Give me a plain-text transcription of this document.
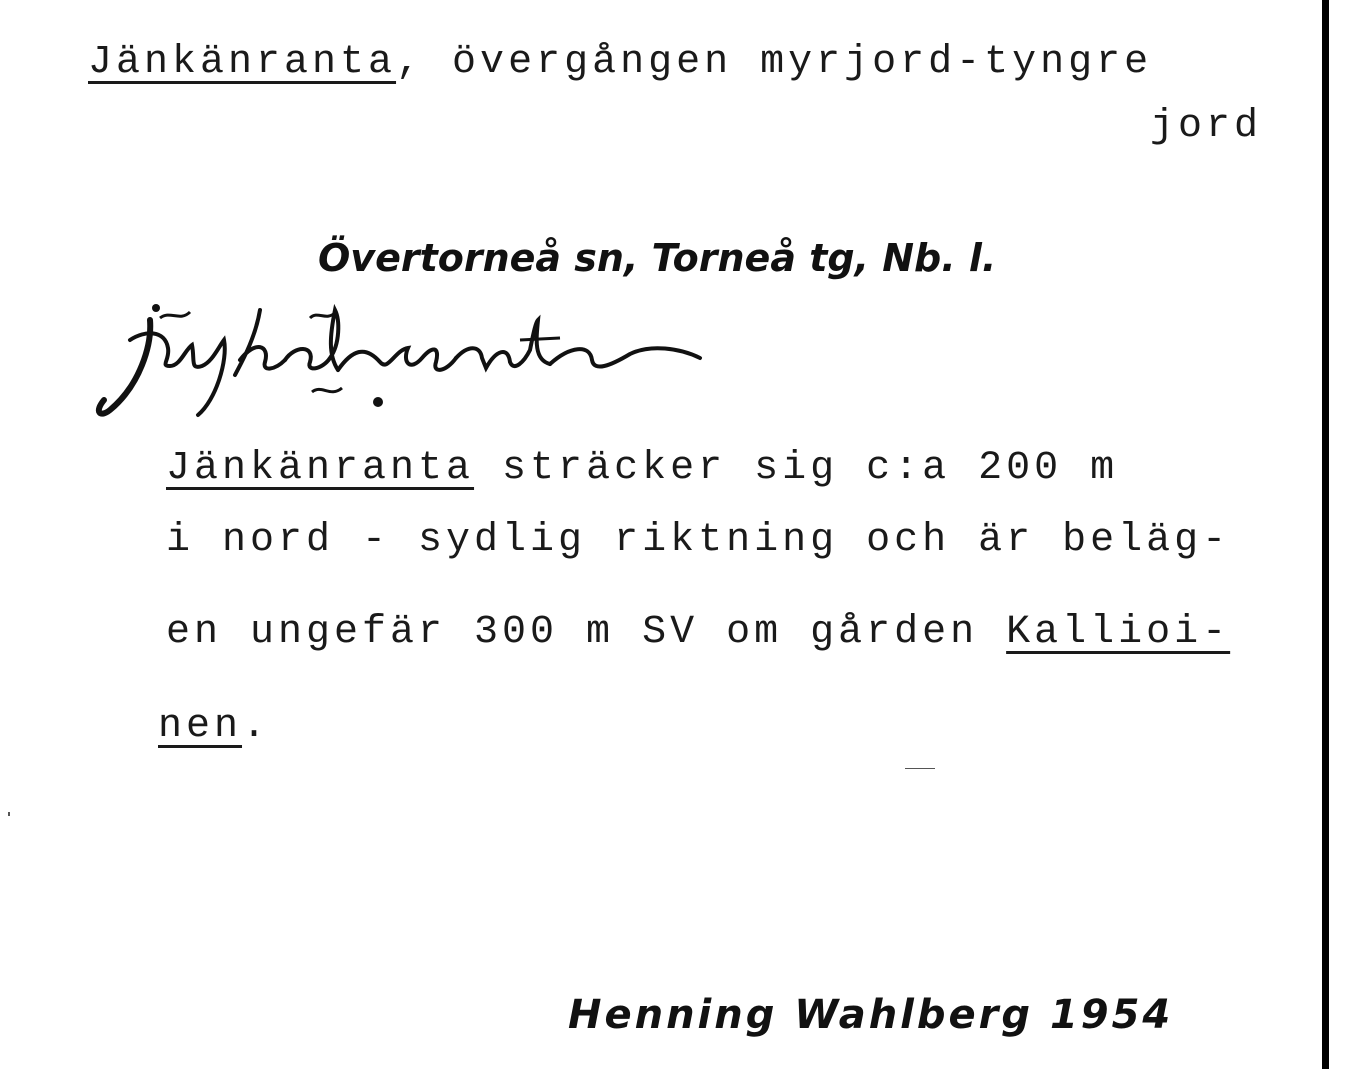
Jänkänranta, övergången myrjord-tyngre
jord
Övertorneå sn, Torneå tg, Nb. l.
Jänkänranta sträcker sig c:a 200 m
i nord - sydlig riktning och är beläg-
en ungefär 300 m SV om gården Kallioi-
nen.
Henning Wahlberg 1954
